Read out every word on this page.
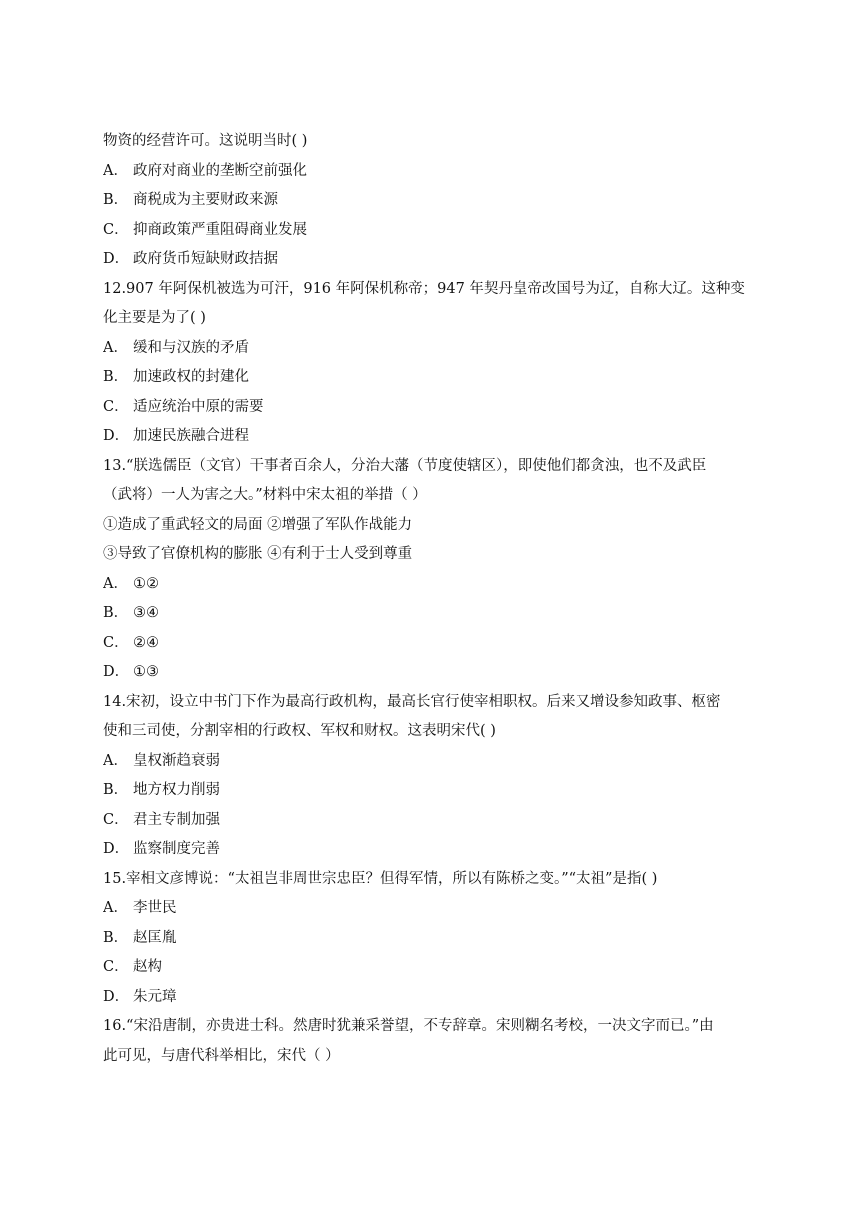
物资的经营许可。这说明当时( )
A． 政府对商业的垄断空前强化
B． 商税成为主要财政来源
C． 抑商政策严重阻碍商业发展
D． 政府货币短缺财政拮据
12.907 年阿保机被选为可汗，916 年阿保机称帝；947 年契丹皇帝改国号为辽，自称大辽。这种变
化主要是为了( )
A． 缓和与汉族的矛盾
B． 加速政权的封建化
C． 适应统治中原的需要
D． 加速民族融合进程
13.“朕选儒臣（文官）干事者百余人，分治大藩（节度使辖区），即使他们都贪浊，也不及武臣
（武将）一人为害之大。”材料中宋太祖的举措（ ）
①造成了重武轻文的局面 ②增强了军队作战能力
③导致了官僚机构的膨胀 ④有利于士人受到尊重
A． ①②
B． ③④
C． ②④
D． ①③
14.宋初，设立中书门下作为最高行政机构，最高长官行使宰相职权。后来又增设参知政事、枢密
使和三司使，分割宰相的行政权、军权和财权。这表明宋代( )
A． 皇权渐趋衰弱
B． 地方权力削弱
C． 君主专制加强
D． 监察制度完善
15.宰相文彦博说：“太祖岂非周世宗忠臣？但得军情，所以有陈桥之变。”“太祖”是指( )
A． 李世民
B． 赵匡胤
C． 赵构
D． 朱元璋
16.“宋沿唐制，亦贵进士科。然唐时犹兼采誉望，不专辞章。宋则糊名考校，一决文字而已。”由
此可见，与唐代科举相比，宋代（ ）
